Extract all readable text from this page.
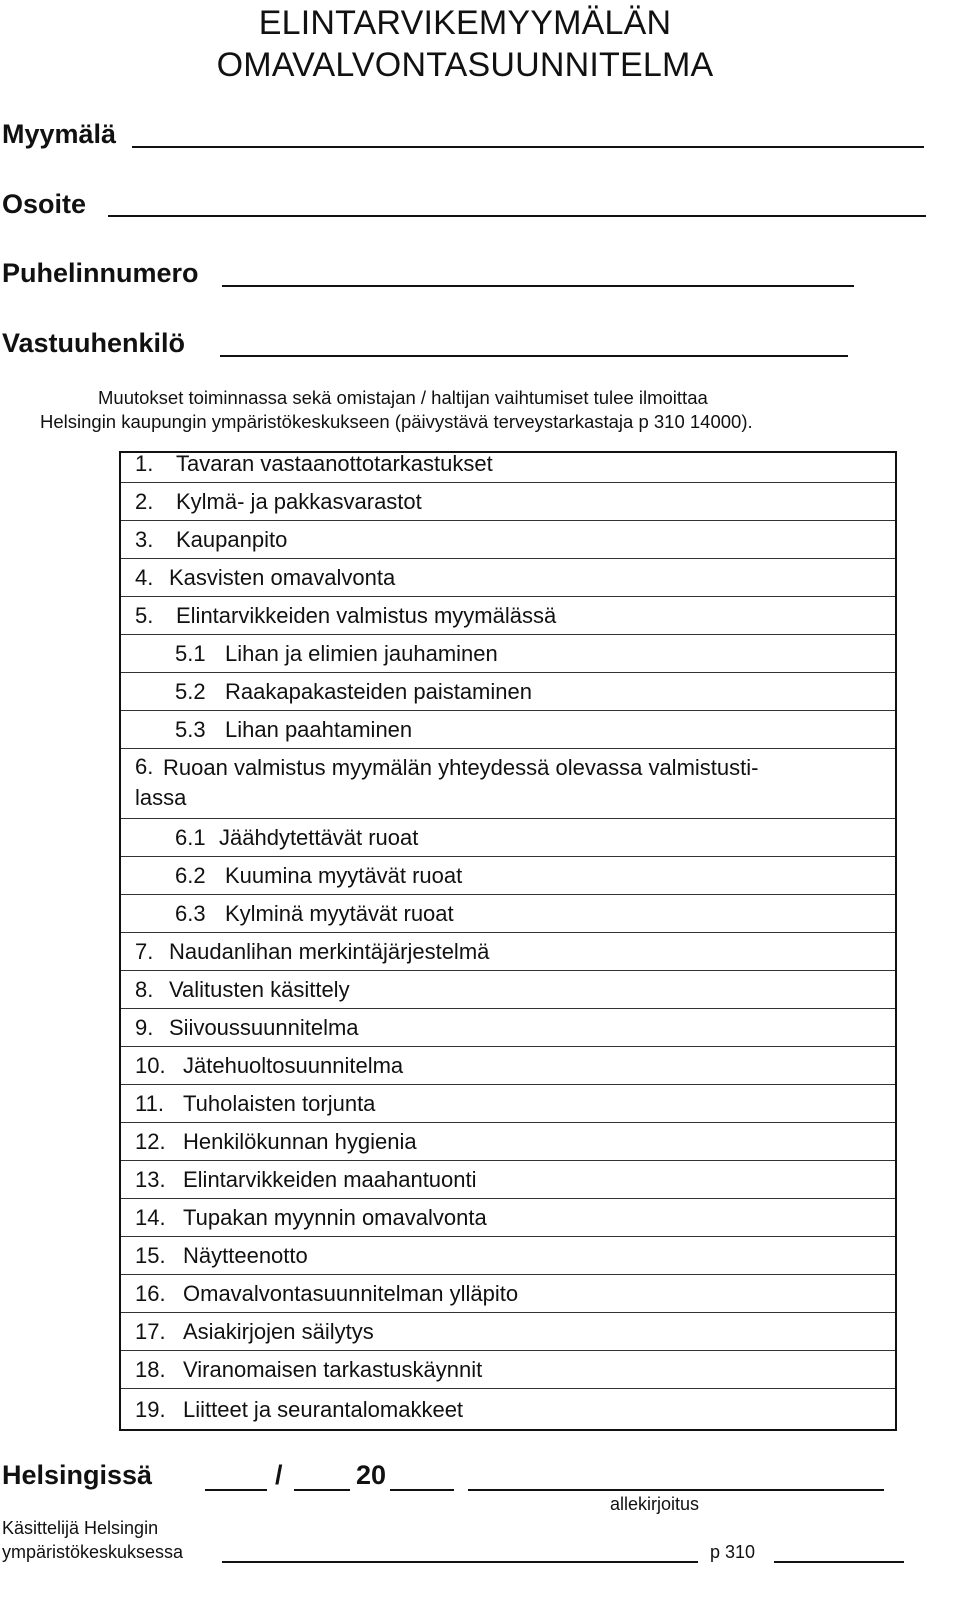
ELINTARVIKEMYYMÄLÄN
OMAVALVONTASUUNNITELMA
Myymälä
Osoite
Puhelinnumero
Vastuuhenkilö
Muutokset toiminnassa sekä omistajan / haltijan vaihtumiset tulee ilmoittaa
Helsingin kaupungin ympäristökeskukseen (päivystävä terveystarkastaja p 310 14000).
1. Tavaran vastaanottotarkastukset
2. Kylmä- ja pakkasvarastot
3. Kaupanpito
4. Kasvisten omavalvonta
5. Elintarvikkeiden valmistus myymälässä
5.1 Lihan ja elimien jauhaminen
5.2 Raakapakasteiden paistaminen
5.3 Lihan paahtaminen
6. Ruoan valmistus myymälän yhteydessä olevassa valmistusti-
lassa
6.1 Jäähdytettävät ruoat
6.2 Kuumina myytävät ruoat
6.3 Kylminä myytävät ruoat
7. Naudanlihan merkintäjärjestelmä
8. Valitusten käsittely
9. Siivoussuunnitelma
10. Jätehuoltosuunnitelma
11. Tuholaisten torjunta
12. Henkilökunnan hygienia
13. Elintarvikkeiden maahantuonti
14. Tupakan myynnin omavalvonta
15. Näytteenotto
16. Omavalvontasuunnitelman ylläpito
17. Asiakirjojen säilytys
18. Viranomaisen tarkastuskäynnit
19. Liitteet ja seurantalomakkeet
Helsingissä	/	20
allekirjoitus
Käsittelijä Helsingin
ympäristökeskuksessa	p 310
